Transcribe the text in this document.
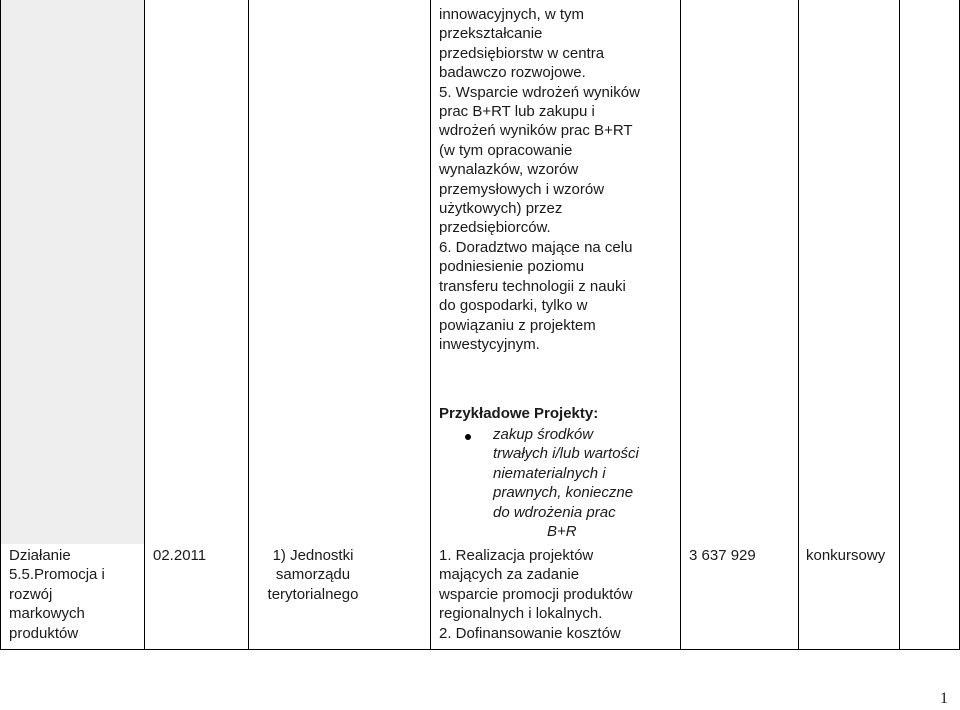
innowacyjnych, w tym
przekształcanie
przedsiębiorstw w centra
badawczo rozwojowe.
5. Wsparcie wdrożeń wyników
prac B+RT lub zakupu i
wdrożeń wyników prac B+RT
(w tym opracowanie
wynalazków, wzorów
przemysłowych i wzorów
użytkowych) przez
przedsiębiorców.
6. Doradztwo mające na celu
podniesienie poziomu
transferu technologii z nauki
do gospodarki, tylko w
powiązaniu z projektem
inwestycyjnym.
Przykładowe Projekty:
zakup środków
trwałych i/lub wartości
niematerialnych i
prawnych, konieczne
do wdrożenia prac
B+R
Działanie
5.5.Promocja i
rozwój
markowych
produktów
02.2011	1) Jednostki
samorządu
terytorialnego
1. Realizacja projektów
mających za zadanie
wsparcie promocji produktów
regionalnych i lokalnych.
2. Dofinansowanie kosztów
3 637 929	konkursowy
1
